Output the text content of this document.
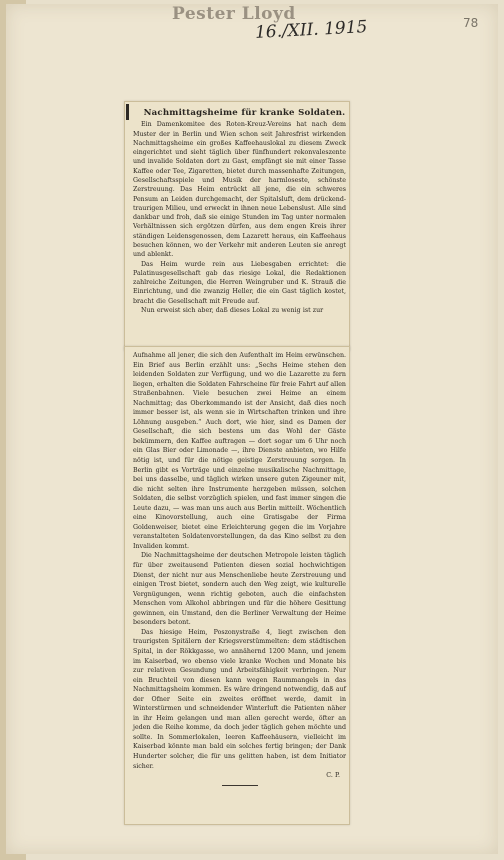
Pester Lloyd
16./XII. 1915	78
Nachmittagsheime für kranke Soldaten.

Ein Damenkomitee des Roten-Kreuz-Vereins hat nach dem Muster der in Berlin und Wien schon seit Jahresfrist wirkenden Nachmittagsheime ein großes Kaffeehauslokal zu diesem Zweck eingerichtet und sieht täglich über fünfhundert rekonvaleszente und invalide Soldaten dort zu Gast, empfängt sie mit einer Tasse Kaffee oder Tee, Zigaretten, bietet durch massenhafte Zeitungen, Gesellschaftsspiele und Musik der harmloseste, schönste Zerstreuung. Das Heim entrückt all jene, die ein schweres Pensum an Leiden durchgemacht, der Spitalsluft, dem drückend-traurigen Milieu, und erweckt in ihnen neue Lebenslust. Alle sind dankbar und froh, daß sie einige Stunden im Tag unter normalen Verhältnissen sich ergötzen dürfen, aus dem engen Kreis ihrer ständigen Leidensgenossen, dem Lazarett heraus, ein Kaffeehaus besuchen können, wo der Verkehr mit anderen Leuten sie anregt und ablenkt.

Das Heim wurde rein aus Liebesgaben errichtet: die Palatinusgesellschaft gab das riesige Lokal, die Redaktionen zahlreiche Zeitungen, die Herren Weingruber und K. Strauß die Einrichtung, und die zwanzig Heller, die ein Gast täglich kostet, bracht die Gesellschaft mit Freude auf.

Nun erweist sich aber, daß dieses Lokal zu wenig ist zur

Aufnahme all jener, die sich den Aufenthalt im Heim erwünschen. Ein Brief aus Berlin erzählt uns: „Sechs Heime stehen den leidenden Soldaten zur Verfügung, und wo die Lazarette zu fern liegen, erhalten die Soldaten Fahrscheine für freie Fahrt auf allen Straßenbahnen. Viele besuchen zwei Heime an einem Nachmittag; das Oberkommando ist der Ansicht, daß dies noch immer besser ist, als wenn sie in Wirtschaften trinken und ihre Löhnung ausgeben.“ Auch dort, wie hier, sind es Damen der Gesellschaft, die sich bestens um das Wohl der Gäste bekümmern, den Kaffee auftragen — dort sogar um 6 Uhr noch ein Glas Bier oder Limonade —, ihre Dienste anbieten, wo Hilfe nötig ist, und für die nötige geistige Zerstreuung sorgen. In Berlin gibt es Vorträge und einzelne musikalische Nachmittage, bei uns dasselbe, und täglich wirken unsere guten Zigeuner mit, die nicht selten ihre Instrumente herzgeben müssen, solchen Soldaten, die selbst vorzüglich spielen, und fast immer singen die Leute dazu, — was man uns auch aus Berlin mitteilt. Wöchentlich eine Kinovorstellung, auch eine Gratisgabe der Firma Goldenweiser, bietet eine Erleichterung gegen die im Vorjahre veranstalteten Soldatenvorstellungen, da das Kino selbst zu den Invaliden kommt.

Die Nachmittagsheime der deutschen Metropole leisten täglich für über zweitausend Patienten diesen sozial hochwichtigen Dienst, der nicht nur aus Menschenliebe heute Zerstreuung und einigen Trost bietet, sondern auch den Weg zeigt, wie kulturelle Vergnügungen, wenn richtig geboten, auch die einfachsten Menschen vom Alkohol abbringen und für die höhere Gesittung gewinnen, ein Umstand, den die Berliner Verwaltung der Heime besonders betont.

Das hiesige Heim, Poszonystraße 4, liegt zwischen den traurigsten Spitälern der Kriegsverstümmelten: dem städtischen Spital, in der Rökkgasse, wo annähernd 1200 Mann, und jenem im Kaiserbad, wo ebenso viele kranke Wochen und Monate bis zur relativen Gesundung und Arbeitsfähigkeit verbringen. Nur ein Bruchteil von diesen kann wegen Raummangels in das Nachmittagsheim kommen. Es wäre dringend notwendig, daß auf der Ofner Seite ein zweites eröffnet werde, damit in Winterstürmen und schneidender Winterluft die Patienten näher in ihr Heim gelangen und man allen gerecht werde, öfter an jeden die Reihe komme, da doch jeder täglich gehen möchte und sollte. In Sommerlokalen, leeren Kaffeehäusern, vielleicht im Kaiserbad könnte man bald ein solches fertig bringen; der Dank Hunderter solcher, die für uns gelitten haben, ist dem Initiator sicher.

C. P.
